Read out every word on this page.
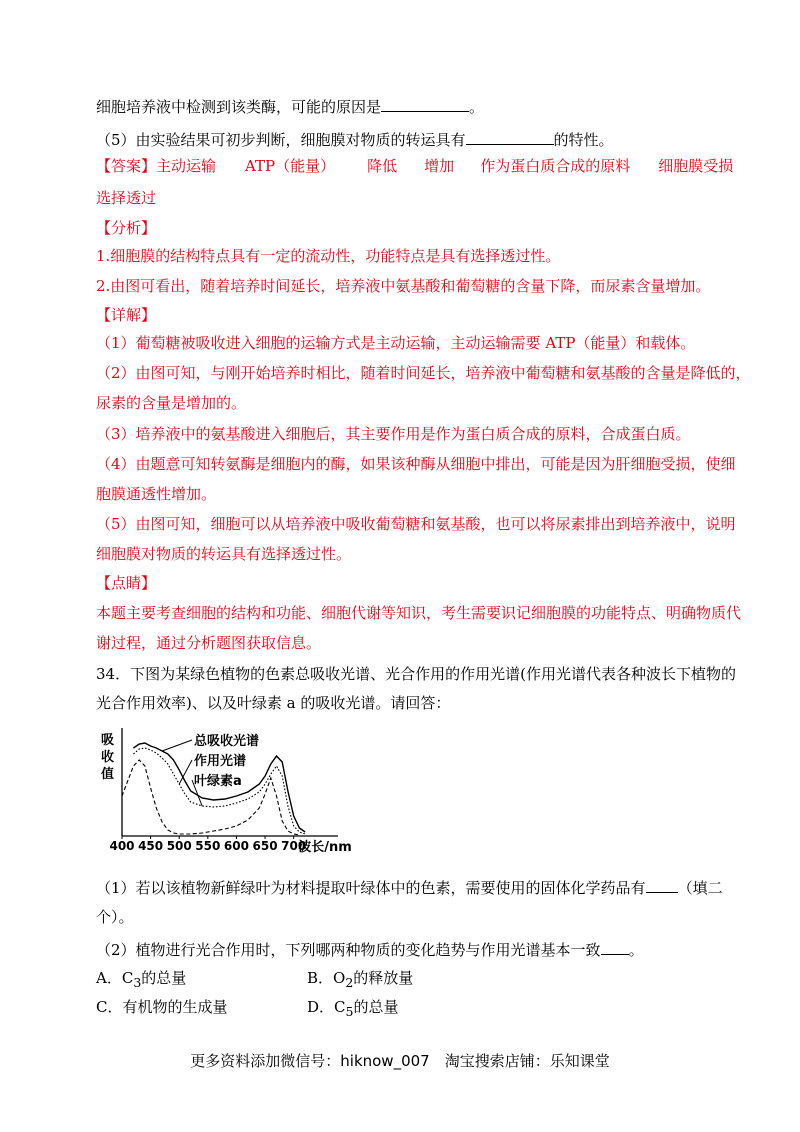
细胞培养液中检测到该类酶，可能的原因是	。
（5）由实验结果可初步判断，细胞膜对物质的转运具有	的特性。
【答案】主动运输 ATP（能量） 降低 增加 作为蛋白质合成的原料 细胞膜受损
选择透过
【分析】
1.细胞膜的结构特点具有一定的流动性，功能特点是具有选择透过性。
2.由图可看出，随着培养时间延长，培养液中氨基酸和葡萄糖的含量下降，而尿素含量增加。
【详解】
（1）葡萄糖被吸收进入细胞的运输方式是主动运输，主动运输需要 ATP（能量）和载体。
（2）由图可知，与刚开始培养时相比，随着时间延长，培养液中葡萄糖和氨基酸的含量是降低的，
尿素的含量是增加的。
（3）培养液中的氨基酸进入细胞后，其主要作用是作为蛋白质合成的原料，合成蛋白质。
（4）由题意可知转氨酶是细胞内的酶，如果该种酶从细胞中排出，可能是因为肝细胞受损，使细
胞膜通透性增加。
（5）由图可知，细胞可以从培养液中吸收葡萄糖和氨基酸，也可以将尿素排出到培养液中，说明
细胞膜对物质的转运具有选择透过性。
【点睛】
本题主要考查细胞的结构和功能、细胞代谢等知识，考生需要识记细胞膜的功能特点、明确物质代
谢过程，通过分析题图获取信息。
34．下图为某绿色植物的色素总吸收光谱、光合作用的作用光谱(作用光谱代表各种波长下植物的
光合作用效率)、以及叶绿素 a 的吸收光谱。请回答：
吸
收
值
400 450 500 550 600 650 700
波长/nm
总吸收光谱
作用光谱
叶绿素a
（1）若以该植物新鲜绿叶为材料提取叶绿体中的色素，需要使用的固体化学药品有 （填二
个）。
（2）植物进行光合作用时，下列哪两种物质的变化趋势与作用光谱基本一致 。
A．$C_3$的总量	B．$O_2$的释放量
C．有机物的生成量	D．$C_5$的总量
更多资料添加微信号：hiknow_007　淘宝搜索店铺：乐知课堂
